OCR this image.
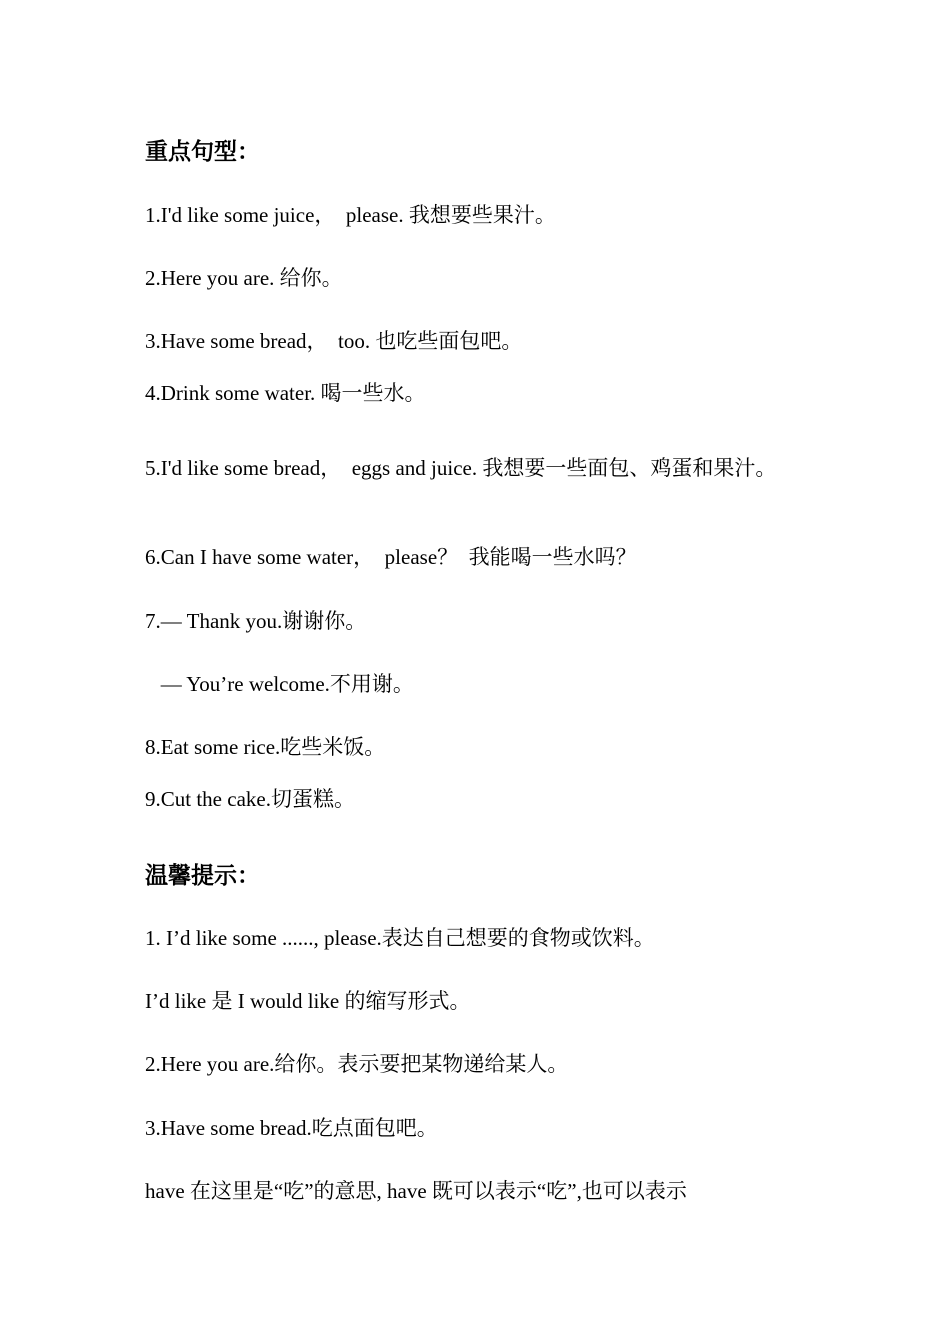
重点句型：

1.I'd like some juice，  please. 我想要些果汁。

2.Here you are. 给你。

3.Have some bread，  too. 也吃些面包吧。

4.Drink some water. 喝一些水。

5.I'd like some bread，  eggs and juice. 我想要一些面包、鸡蛋和果汁。

6.Can I have some water，  please？  我能喝一些水吗？

7.— Thank you.谢谢你。

— You’re welcome.不用谢。

8.Eat some rice.吃些米饭。

9.Cut the cake.切蛋糕。

温馨提示：

1. I’d like some ......, please.表达自己想要的食物或饮料。

I’d like 是 I would like 的缩写形式。

2.Here you are.给你。表示要把某物递给某人。

3.Have some bread.吃点面包吧。

have 在这里是“吃”的意思, have 既可以表示“吃”,也可以表示
